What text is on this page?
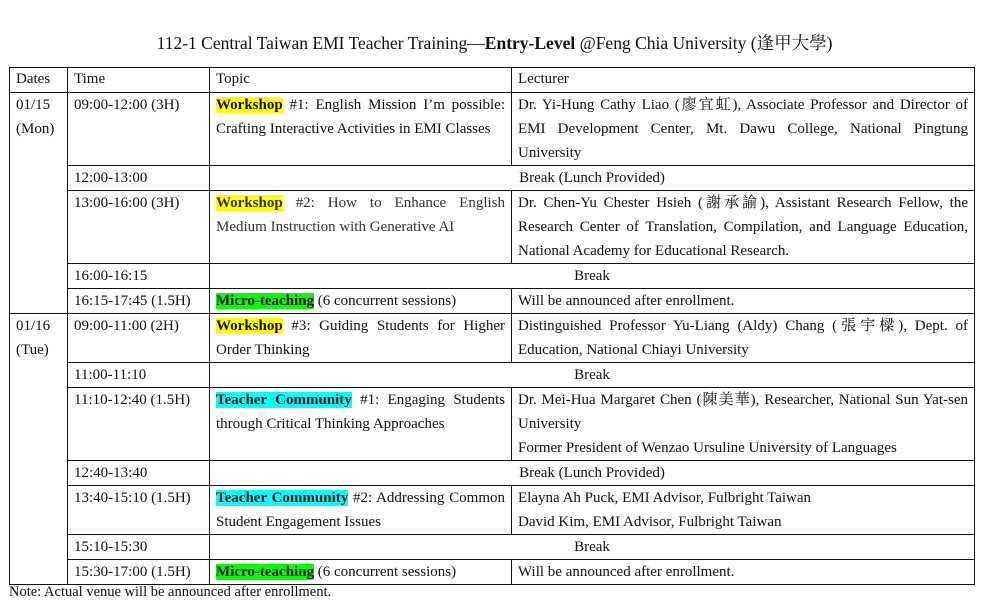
112-1 Central Taiwan EMI Teacher Training—Entry-Level @Feng Chia University (逢甲大學)
Dates	Time	Topic	Lecturer

01/15
(Mon)	09:00-12:00 (3H)	Workshop #1: English Mission I’m possible: Crafting Interactive Activities in EMI Classes	Dr. Yi-Hung Cathy Liao (廖宜虹), Associate Professor and Director of EMI Development Center, Mt. Dawu College, National Pingtung University
	12:00-13:00	Break (Lunch Provided)	
	13:00-16:00 (3H)	Workshop #2: How to Enhance English Medium Instruction with Generative AI	Dr. Chen-Yu Chester Hsieh (謝承諭), Assistant Research Fellow, the Research Center of Translation, Compilation, and Language Education, National Academy for Educational Research.
	16:00-16:15	Break	
	16:15-17:45 (1.5H)	Micro-teaching (6 concurrent sessions)	Will be announced after enrollment.

01/16
(Tue)	09:00-11:00 (2H)	Workshop #3: Guiding Students for Higher Order Thinking	Distinguished Professor Yu-Liang (Aldy) Chang (張宇樑), Dept. of Education, National Chiayi University
	11:00-11:10	Break	
	11:10-12:40 (1.5H)	Teacher Community #1: Engaging Students through Critical Thinking Approaches	Dr. Mei-Hua Margaret Chen (陳美華), Researcher, National Sun Yat-sen University
Former President of Wenzao Ursuline University of Languages

	12:40-13:40	Break (Lunch Provided)	
	13:40-15:10 (1.5H)	Teacher Community #2: Addressing Common Student Engagement Issues	Elayna Ah Puck, EMI Advisor, Fulbright Taiwan
David Kim, EMI Advisor, Fulbright Taiwan

	15:10-15:30	Break	
	15:30-17:00 (1.5H)	Micro-teaching (6 concurrent sessions)	Will be announced after enrollment.
Note: Actual venue will be announced after enrollment.
